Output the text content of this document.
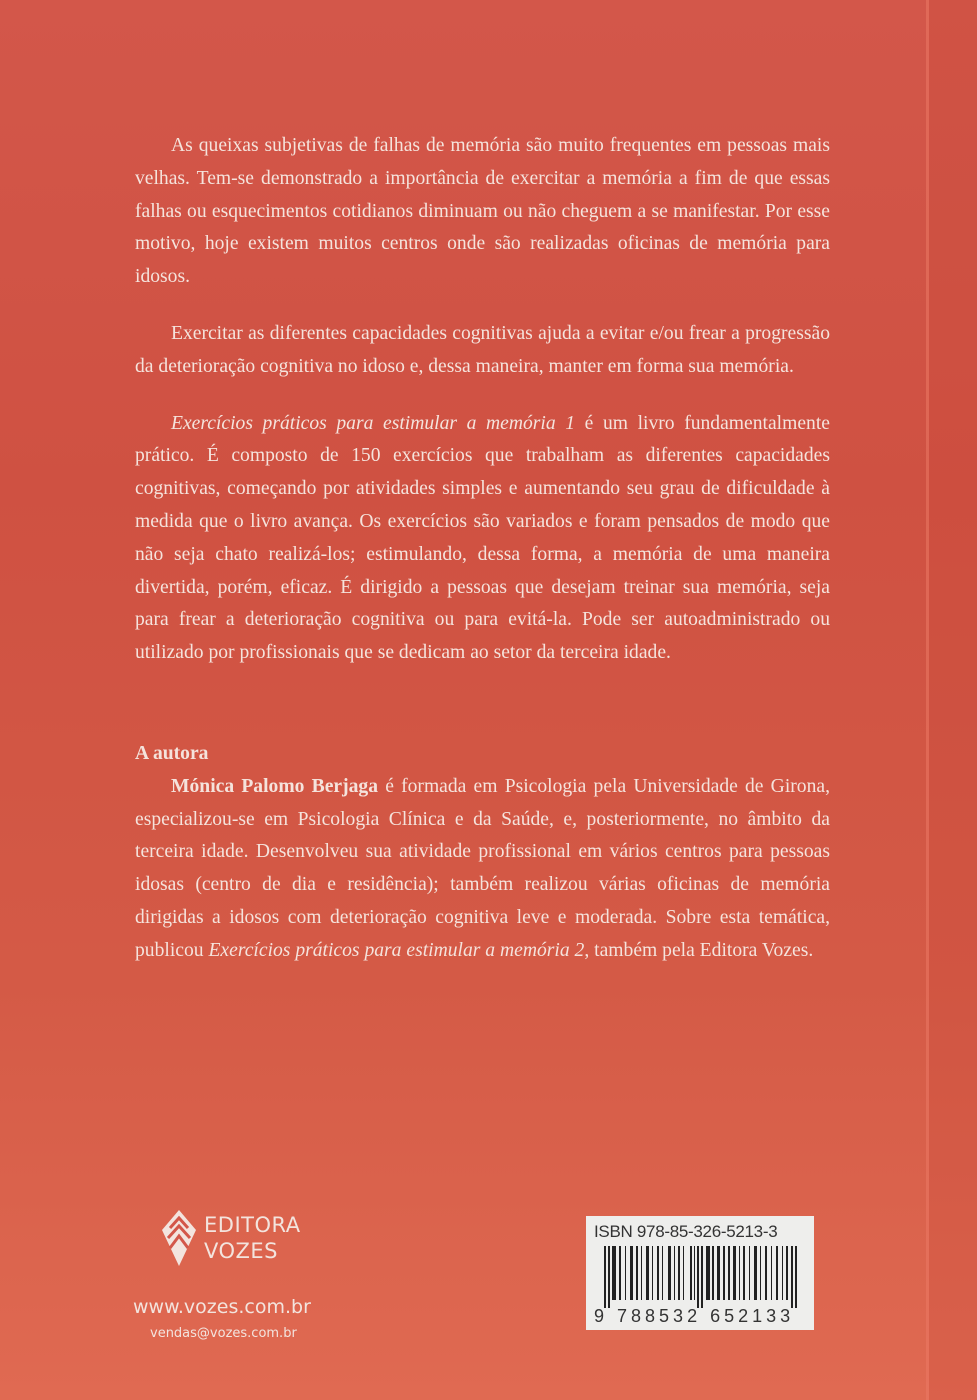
As queixas subjetivas de falhas de memória são muito frequentes em pessoas mais velhas. Tem-se demonstrado a importância de exercitar a memória a fim de que essas falhas ou esquecimentos cotidianos diminuam ou não cheguem a se manifestar. Por esse motivo, hoje existem muitos centros onde são realizadas oficinas de memória para idosos.

Exercitar as diferentes capacidades cognitivas ajuda a evitar e/ou frear a progressão da deterioração cognitiva no idoso e, dessa maneira, manter em forma sua memória.

Exercícios práticos para estimular a memória 1 é um livro fundamentalmente prático. É composto de 150 exercícios que trabalham as diferentes capacidades cognitivas, começando por atividades simples e aumentando seu grau de dificuldade à medida que o livro avança. Os exercícios são variados e foram pensados de modo que não seja chato realizá-los; estimulando, dessa forma, a memória de uma maneira divertida, porém, eficaz. É dirigido a pessoas que desejam treinar sua memória, seja para frear a deterioração cognitiva ou para evitá-la. Pode ser autoadministrado ou utilizado por profissionais que se dedicam ao setor da terceira idade.

A autora

Mónica Palomo Berjaga é formada em Psicologia pela Universidade de Girona, especializou-se em Psicologia Clínica e da Saúde, e, posteriormente, no âmbito da terceira idade. Desenvolveu sua atividade profissional em vários centros para pessoas idosas (centro de dia e residência); também realizou várias oficinas de memória dirigidas a idosos com deterioração cognitiva leve e moderada. Sobre esta temática, publicou Exercícios práticos para estimular a memória 2, também pela Editora Vozes.

EDITORA
VOZES
www.vozes.com.br
vendas@vozes.com.br
ISBN 978-85-326-5213-3
9 788532 652133
